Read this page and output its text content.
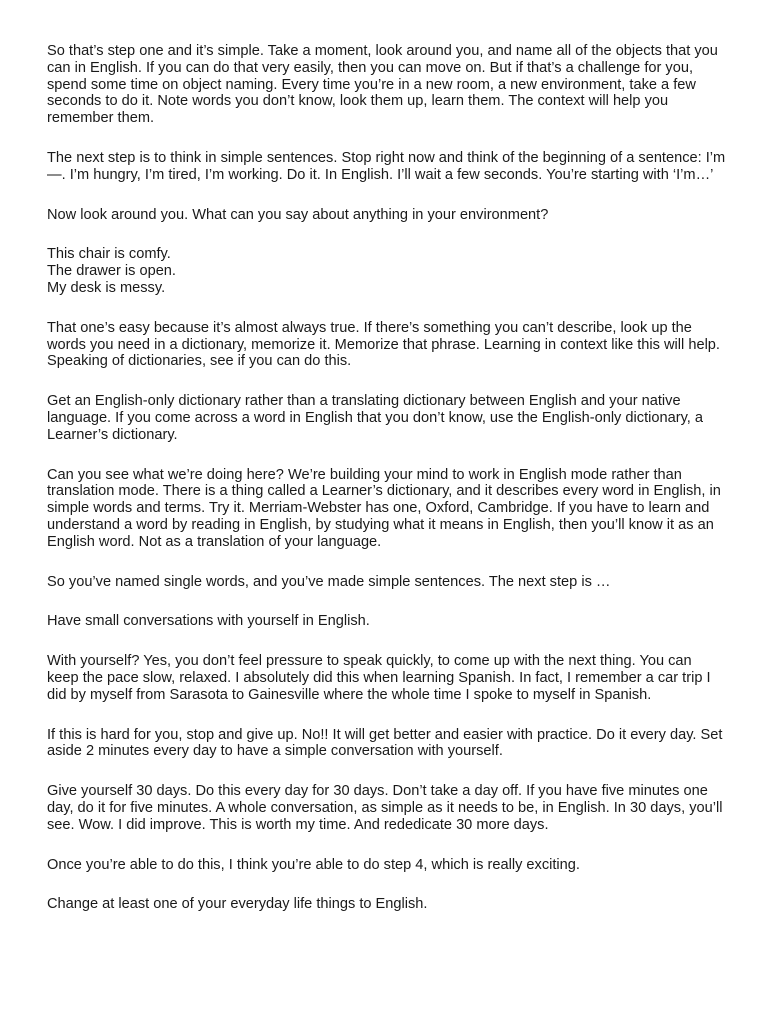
So that’s step one and it’s simple. Take a moment, look around you, and name all of the objects that you can in English. If you can do that very easily, then you can move on. But if that’s a challenge for you, spend some time on object naming. Every time you’re in a new room, a new environment, take a few seconds to do it. Note words you don’t know, look them up, learn them. The context will help you remember them.

The next step is to think in simple sentences. Stop right now and think of the beginning of a sentence: I’m—. I’m hungry, I’m tired, I’m working. Do it. In English. I’ll wait a few seconds. You’re starting with ‘I’m…’

Now look around you. What can you say about anything in your environment?

This chair is comfy.
The drawer is open.
My desk is messy.

That one’s easy because it’s almost always true. If there’s something you can’t describe, look up the words you need in a dictionary, memorize it. Memorize that phrase. Learning in context like this will help. Speaking of dictionaries, see if you can do this.

Get an English-only dictionary rather than a translating dictionary between English and your native language. If you come across a word in English that you don’t know, use the English-only dictionary, a Learner’s dictionary.

Can you see what we’re doing here? We’re building your mind to work in English mode rather than translation mode. There is a thing called a Learner’s dictionary, and it describes every word in English, in simple words and terms. Try it. Merriam-Webster has one, Oxford, Cambridge. If you have to learn and understand a word by reading in English, by studying what it means in English, then you’ll know it as an English word. Not as a translation of your language.

So you’ve named single words, and you’ve made simple sentences. The next step is …

Have small conversations with yourself in English.

With yourself? Yes, you don’t feel pressure to speak quickly, to come up with the next thing. You can keep the pace slow, relaxed. I absolutely did this when learning Spanish. In fact, I remember a car trip I did by myself from Sarasota to Gainesville where the whole time I spoke to myself in Spanish.

If this is hard for you, stop and give up. No!! It will get better and easier with practice. Do it every day. Set aside 2 minutes every day to have a simple conversation with yourself.

Give yourself 30 days. Do this every day for 30 days. Don’t take a day off. If you have five minutes one day, do it for five minutes. A whole conversation, as simple as it needs to be, in English. In 30 days, you’ll see. Wow. I did improve. This is worth my time. And rededicate 30 more days.

Once you’re able to do this, I think you’re able to do step 4, which is really exciting.

Change at least one of your everyday life things to English.
